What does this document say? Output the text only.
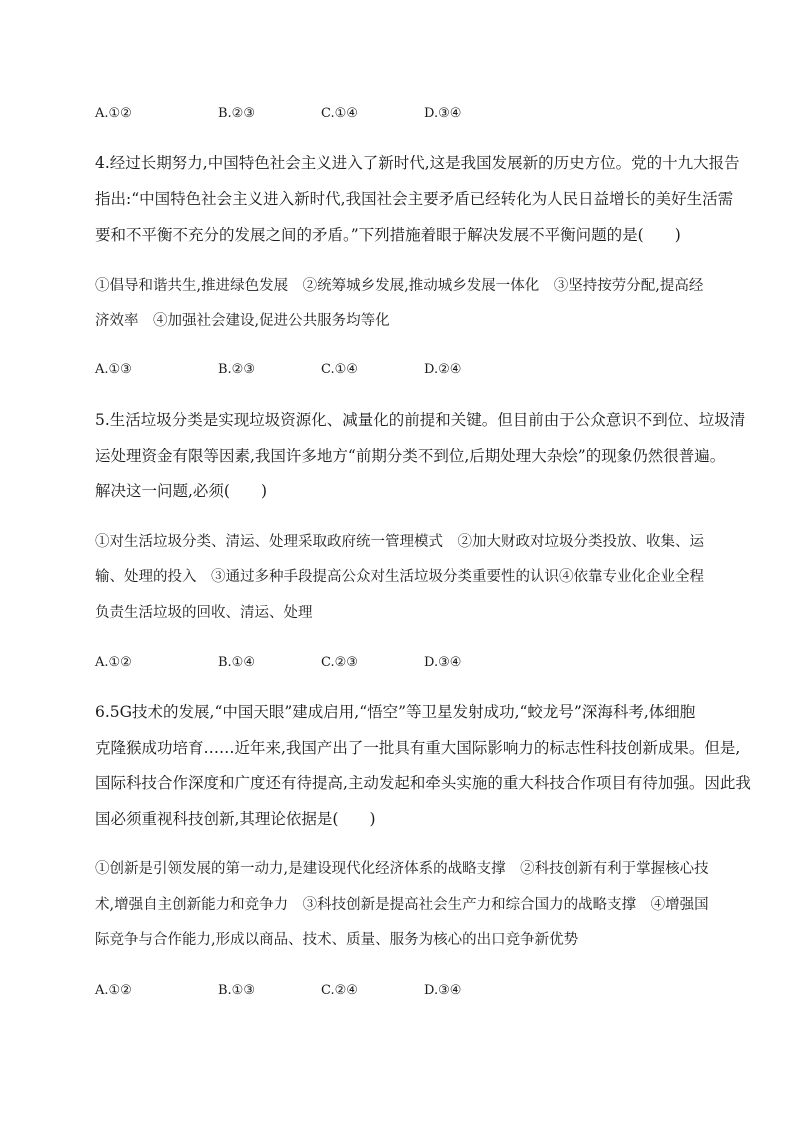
A.①②	B.②③	C.①④	D.③④
4.经过长期努力,中国特色社会主义进入了新时代,这是我国发展新的历史方位。党的十九大报告
指出:“中国特色社会主义进入新时代,我国社会主要矛盾已经转化为人民日益增长的美好生活需
要和不平衡不充分的发展之间的矛盾。”下列措施着眼于解决发展不平衡问题的是(　　)
①倡导和谐共生,推进绿色发展　②统筹城乡发展,推动城乡发展一体化　③坚持按劳分配,提高经
济效率　④加强社会建设,促进公共服务均等化
A.①③	B.②③	C.①④	D.②④
5.生活垃圾分类是实现垃圾资源化、减量化的前提和关键。但目前由于公众意识不到位、垃圾清
运处理资金有限等因素,我国许多地方“前期分类不到位,后期处理大杂烩”的现象仍然很普遍。
解决这一问题,必须(　　)
①对生活垃圾分类、清运、处理采取政府统一管理模式　②加大财政对垃圾分类投放、收集、运
输、处理的投入　③通过多种手段提高公众对生活垃圾分类重要性的认识④依靠专业化企业全程
负责生活垃圾的回收、清运、处理
A.①②	B.①④	C.②③	D.③④
6.5G技术的发展,“中国天眼”建成启用,“悟空”等卫星发射成功,“蛟龙号”深海科考,体细胞
克隆猴成功培育……近年来,我国产出了一批具有重大国际影响力的标志性科技创新成果。但是,
国际科技合作深度和广度还有待提高,主动发起和牵头实施的重大科技合作项目有待加强。因此我
国必须重视科技创新,其理论依据是(　　)
①创新是引领发展的第一动力,是建设现代化经济体系的战略支撑　②科技创新有利于掌握核心技
术,增强自主创新能力和竞争力　③科技创新是提高社会生产力和综合国力的战略支撑　④增强国
际竞争与合作能力,形成以商品、技术、质量、服务为核心的出口竞争新优势
A.①②	B.①③	C.②④	D.③④
